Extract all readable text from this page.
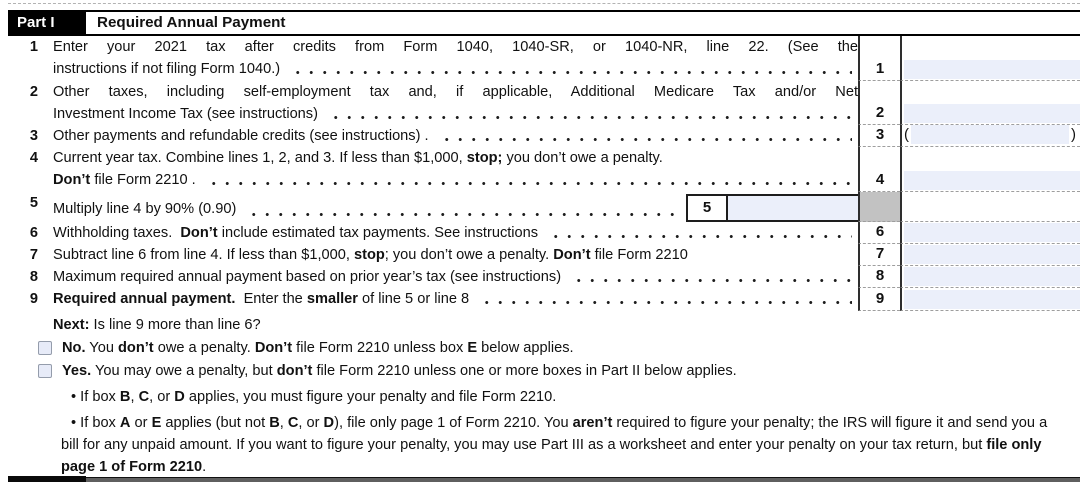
Part I	Required Annual Payment
1 Enter your 2021 tax after credits from Form 1040, 1040-SR, or 1040-NR, line 22. (See the
instructions if not filing Form 1040.)	1
2 Other taxes, including self-employment tax and, if applicable, Additional Medicare Tax and/or Net
Investment Income Tax (see instructions)	2
3 Other payments and refundable credits (see instructions) .	3	(	)
4 Current year tax. Combine lines 1, 2, and 3. If less than $1,000, stop; you don’t owe a penalty.
Don’t file Form 2210 .	4
5 Multiply line 4 by 90% (0.90)	5
6 Withholding taxes.  Don’t include estimated tax payments. See instructions	6
7 Subtract line 6 from line 4. If less than $1,000, stop; you don’t owe a penalty. Don’t file Form 2210	7
8 Maximum required annual payment based on prior year’s tax (see instructions)	8
9 Required annual payment.  Enter the smaller of line 5 or line 8	9
Next: Is line 9 more than line 6?
No. You don’t owe a penalty. Don’t file Form 2210 unless box E below applies.
Yes. You may owe a penalty, but don’t file Form 2210 unless one or more boxes in Part II below applies.
• If box B, C, or D applies, you must figure your penalty and file Form 2210.
• If box A or E applies (but not B, C, or D), file only page 1 of Form 2210. You aren’t required to figure your penalty; the IRS will figure it and send you a bill for any unpaid amount. If you want to figure your penalty, you may use Part III as a worksheet and enter your penalty on your tax return, but file only page 1 of Form 2210.
